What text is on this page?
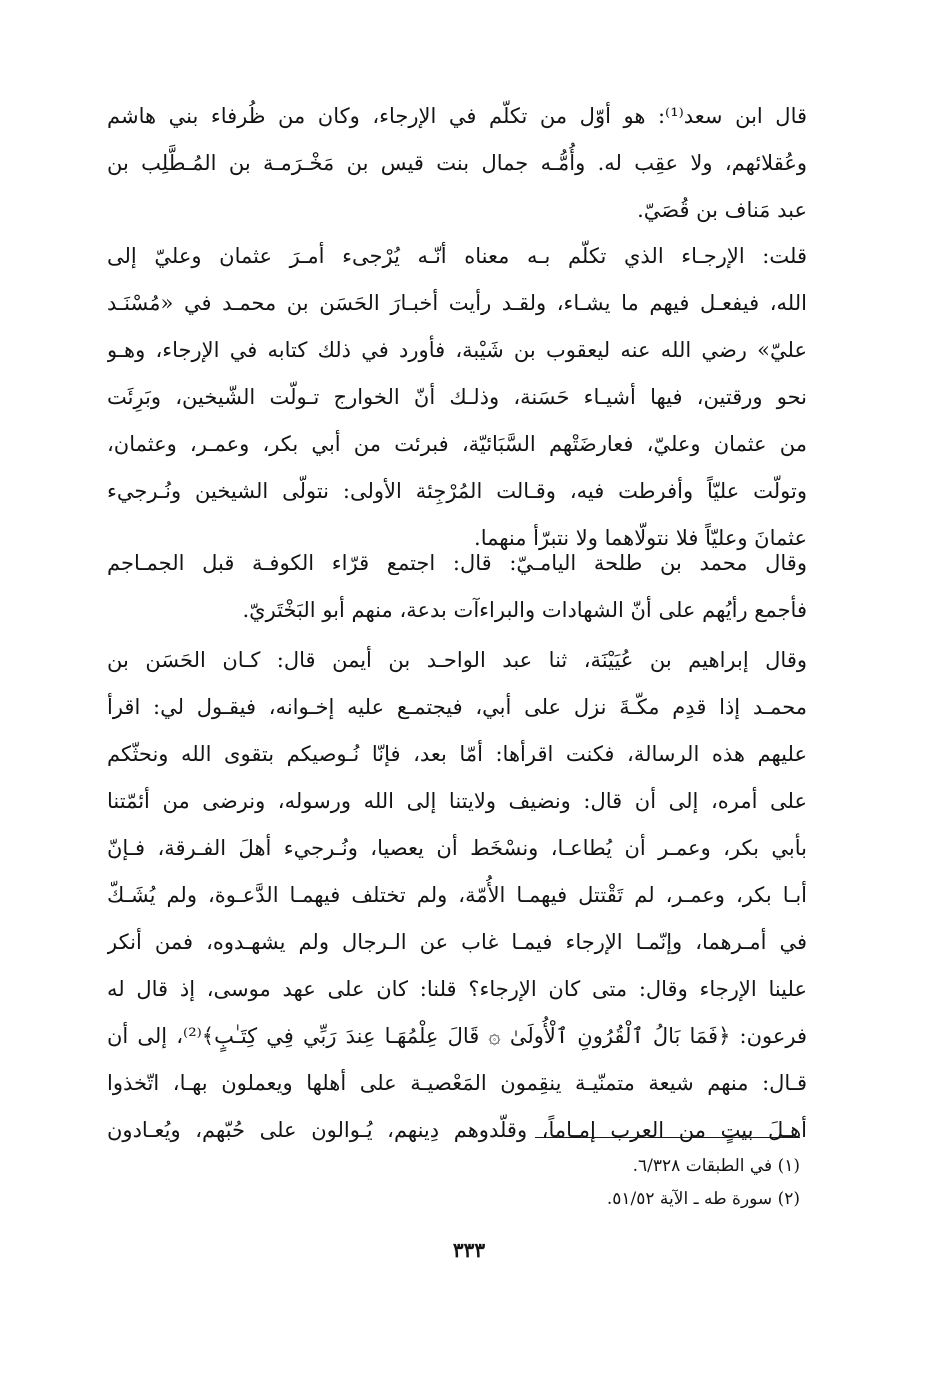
قال ابن سعد⁽¹⁾: هو أوّل من تكلّم في الإرجاء، وكان من ظُرفاء بني هاشم
وعُقلائهم، ولا عقِب له. وأُمُّـه جمال بنت قيس بن مَخْـرَمـة بن المُـطَّلِب بن
عبد مَناف بن قُصَيّ.
قلت: الإرجـاء الذي تكلّم بـه معناه أنّـه يُرْجىء أمـرَ عثمان وعليّ إلى
الله، فيفعـل فيهم ما يشـاء، ولقـد رأيت أخبـارَ الحَسَن بن محمـد في «مُسْنَـد
عليّ» رضي الله عنه ليعقوب بن شَيْبة، فأورد في ذلك كتابه في الإرجاء، وهـو
نحو ورقتين، فيها أشيـاء حَسَنة، وذلـك أنّ الخوارج تـولّت الشّيخين، وبَرِئَت
من عثمان وعليّ، فعارضَتْهم السَّبَائيّة، فبرئت من أبي بكر، وعمـر، وعثمان،
وتولّت عليّاً وأفرطت فيه، وقـالت المُرْجِئة الأولى: نتولّى الشيخين ونُـرجيء
عثمانَ وعليّاً فلا نتولّاهما ولا نتبرّأ منهما.
وقال محمد بن طلحة اليامـيّ: قال: اجتمع قرّاء الكوفـة قبل الجمـاجم
فأجمع رأيُهم على أنّ الشهادات والبراءآت بدعة، منهم أبو البَخْتَريّ.
وقال إبراهيم بن عُيَيْنَة، ثنا عبد الواحـد بن أيمن قال: كـان الحَسَن بن
محمـد إذا قدِم مكّـةَ نزل على أبي، فيجتمـع عليه إخـوانه، فيقـول لي: اقرأ
عليهم هذه الرسالة، فكنت اقرأها: أمّا بعد، فإنّا نُـوصيكم بتقوى الله ونحثّكم
على أمره، إلى أن قال: ونضيف ولايتنا إلى الله ورسوله، ونرضى من أئمّتنا
بأبي بكر، وعمـر أن يُطاعـا، ونسْخَط أن يعصيا، ونُـرجيء أهلَ الفـرقة، فـإنّ
أبـا بكر، وعمـر، لم تَقْتتل فيهمـا الأُمّة، ولم تختلف فيهمـا الدَّعـوة، ولم يُشَـكّ
في أمـرهما، وإنّمـا الإرجاء فيمـا غاب عن الـرجال ولم يشهـدوه، فمن أنكر
علينا الإرجاء وقال: متى كان الإرجاء؟ قلنا: كان على عهد موسى، إذ قال له
فرعون: ﴿فَمَا بَالُ ٱلْقُرُونِ ٱلْأُولَىٰ ۞ قَالَ عِلْمُهَـا عِندَ رَبِّي فِي كِتَـٰبٍ﴾⁽²⁾، إلى أن
قـال: منهم شيعة متمنّيـة ينقِمون المَعْصيـة على أهلها ويعملون بهـا، اتّخذوا
أهـلَ بيتٍ من العرب إمـاماً، وقلّدوهم دِينهم، يُـوالون على حُبّهم، ويُعـادون
(١) في الطبقات ٦/٣٢٨.
(٢) سورة طه ـ الآية ٥١/٥٢.
٣٣٣
